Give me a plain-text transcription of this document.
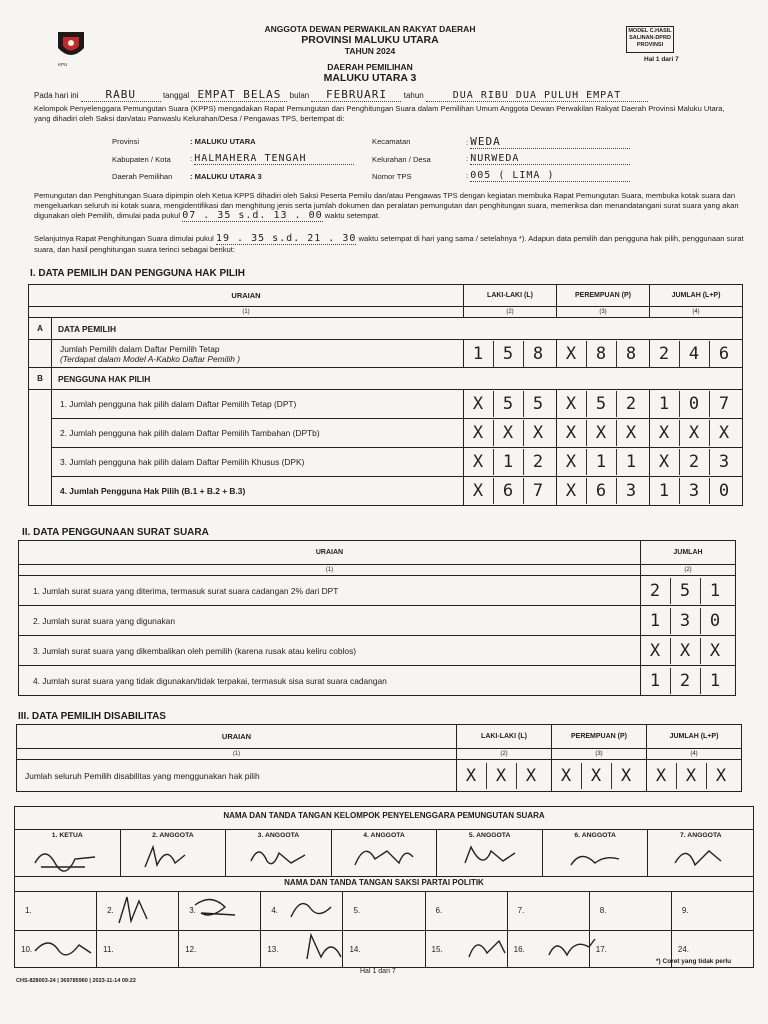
KPU
ANGGOTA DEWAN PERWAKILAN RAKYAT DAERAH
PROVINSI MALUKU UTARA
TAHUN 2024
DAERAH PEMILIHAN
MALUKU UTARA 3
MODEL C.HASIL
SALINAN-DPRD
PROVINSI
Hal 1 dari 7
Pada hari ini RABU	tanggal EMPAT BELAS bulan FEBRUARI tahun	DUA RIBU DUA PULUH EMPAT
Kelompok Penyelenggara Pemungutan Suara (KPPS) mengadakan Rapat Pemungutan dan Penghitungan Suara dalam Pemilihan Umum Anggota Dewan Perwakilan Rakyat Daerah Provinsi Maluku Utara, yang dihadiri oleh Saksi dan/atau Panwaslu Kelurahan/Desa / Pengawas TPS, bertempat di:
Provinsi	: MALUKU UTARA
Kabupaten / Kota	: HALMAHERA TENGAH
Daerah Pemilihan : MALUKU UTARA 3
Kecamatan	: WEDA
Kelurahan / Desa	: NURWEDA
Nomor TPS	: 005 ( LIMA )
Pemungutan dan Penghitungan Suara dipimpin oleh Ketua KPPS dihadiri oleh Saksi Peserta Pemilu dan/atau Pengawas TPS dengan kegiatan membuka Rapat Pemungutan Suara, membuka kotak suara dan mengeluarkan seluruh isi kotak suara, mengidentifikasi dan menghitung jenis serta jumlah dokumen dan peralatan pemungutan dan penghitungan suara, memeriksa dan menandatangani surat suara yang akan digunakan oleh Pemilih, dimulai pada pukul 07 . 35 s.d. 13 . 00 waktu setempat.
Selanjutnya Rapat Penghitungan Suara dimulai pukul 19 . 35 s.d. 21 . 30 waktu setempat di hari yang sama / setelahnya *). Adapun data pemilih dan pengguna hak pilih, penggunaan surat suara, dan hasil penghitungan suara terinci sebagai berikut:
I. DATA PEMILIH DAN PENGGUNA HAK PILIH
URAIAN		LAKI-LAKI (L)	PEREMPUAN (P)	JUMLAH (L+P)
(1)		(2)	(3)	(4)
A	DATA PEMILIH			

	Jumlah Pemilih dalam Daftar Pemilih Tetap
(Terdapat dalam Model A-Kabko Daftar Pemilih )	1 5 8	X 8 8	2 4 6
B	PENGGUNA HAK PILIH			
	1. Jumlah pengguna hak pilih dalam Daftar Pemilih Tetap (DPT)	X 5 5	X 5 2	1 0 7
	2. Jumlah pengguna hak pilih dalam Daftar Pemilih Tambahan (DPTb)	X X X	X X X	X X X
	3. Jumlah pengguna hak pilih dalam Daftar Pemilih Khusus (DPK)	X 1 2	X 1 1	X 2 3
	4. Jumlah Pengguna Hak Pilih (B.1 + B.2 + B.3)	X 6 7	X 6 3	1 3 0
II. DATA PENGGUNAAN SURAT SUARA
URAIAN	JUMLAH
(1)	(2)
1. Jumlah surat suara yang diterima, termasuk surat suara cadangan 2% dari DPT	2 5 1
2. Jumlah surat suara yang digunakan	1 3 0
3. Jumlah surat suara yang dikembalikan oleh pemilih (karena rusak atau keliru coblos)	X X X
4. Jumlah surat suara yang tidak digunakan/tidak terpakai, termasuk sisa surat suara cadangan	1 2 1
III. DATA PEMILIH DISABILITAS
URAIAN	LAKI-LAKI (L)	PEREMPUAN (P)	JUMLAH (L+P)
(1)	(2)	(3)	(4)
Jumlah seluruh Pemilih disabilitas yang menggunakan hak pilih	X X X	X X X	X X X
NAMA DAN TANDA TANGAN KELOMPOK PENYELENGGARA PEMUNGUTAN SUARA
1. KETUA	2. ANGGOTA	3. ANGGOTA	4. ANGGOTA	5. ANGGOTA	6. ANGGOTA	7. ANGGOTA
NAMA DAN TANDA TANGAN SAKSI PARTAI POLITIK
1.	2.	3.	4.	5.	6.	7.	8.	9.
10.	11.	12.	13.	14.	15.	16.	17.	24.
Hal 1 dari 7
*) Coret yang tidak perlu
CHS-828003-24 | 369785960 | 2023-11-14 09:22
